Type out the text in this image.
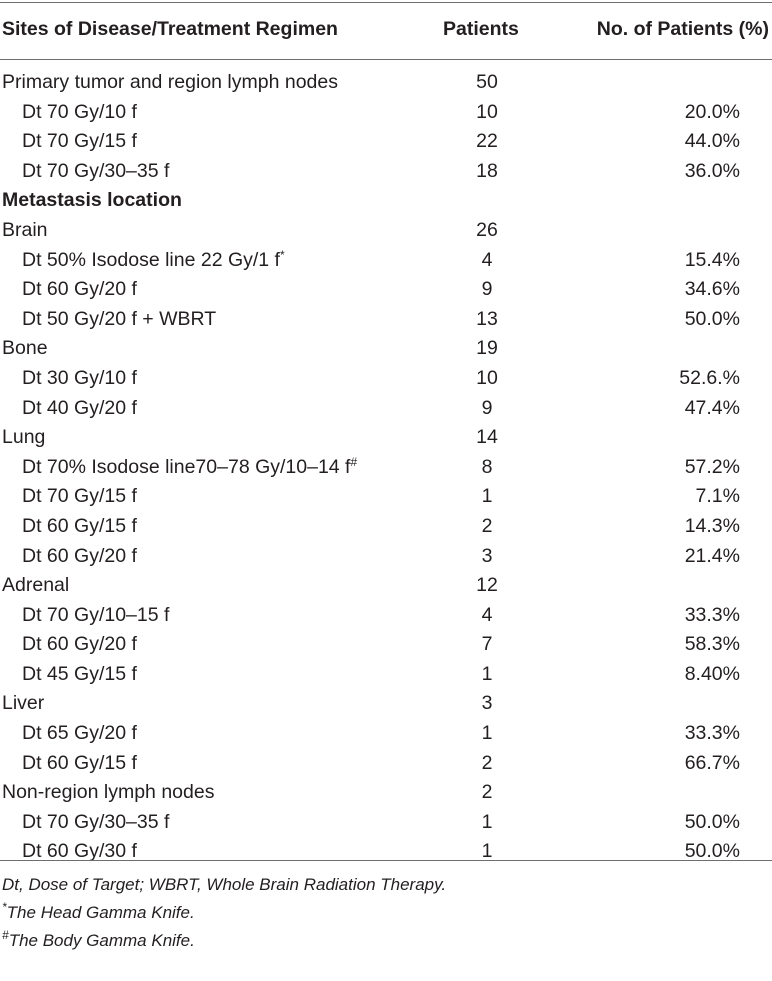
Sites of Disease/Treatment Regimen	Patients	No. of Patients (%)
Primary tumor and region lymph nodes	50
Dt 70 Gy/10 f	10	20.0%
Dt 70 Gy/15 f	22	44.0%
Dt 70 Gy/30–35 f	18	36.0%
Metastasis location
Brain	26
Dt 50% Isodose line 22 Gy/1 f*	4	15.4%
Dt 60 Gy/20 f	9	34.6%
Dt 50 Gy/20 f + WBRT	13	50.0%
Bone	19
Dt 30 Gy/10 f	10	52.6.%
Dt 40 Gy/20 f	9	47.4%
Lung	14
Dt 70% Isodose line70–78 Gy/10–14 f#	8	57.2%
Dt 70 Gy/15 f	1	7.1%
Dt 60 Gy/15 f	2	14.3%
Dt 60 Gy/20 f	3	21.4%
Adrenal	12
Dt 70 Gy/10–15 f	4	33.3%
Dt 60 Gy/20 f	7	58.3%
Dt 45 Gy/15 f	1	8.40%
Liver	3
Dt 65 Gy/20 f	1	33.3%
Dt 60 Gy/15 f	2	66.7%
Non-region lymph nodes	2
Dt 70 Gy/30–35 f	1	50.0%
Dt 60 Gy/30 f	1	50.0%
Dt, Dose of Target; WBRT, Whole Brain Radiation Therapy.
*The Head Gamma Knife.
#The Body Gamma Knife.
